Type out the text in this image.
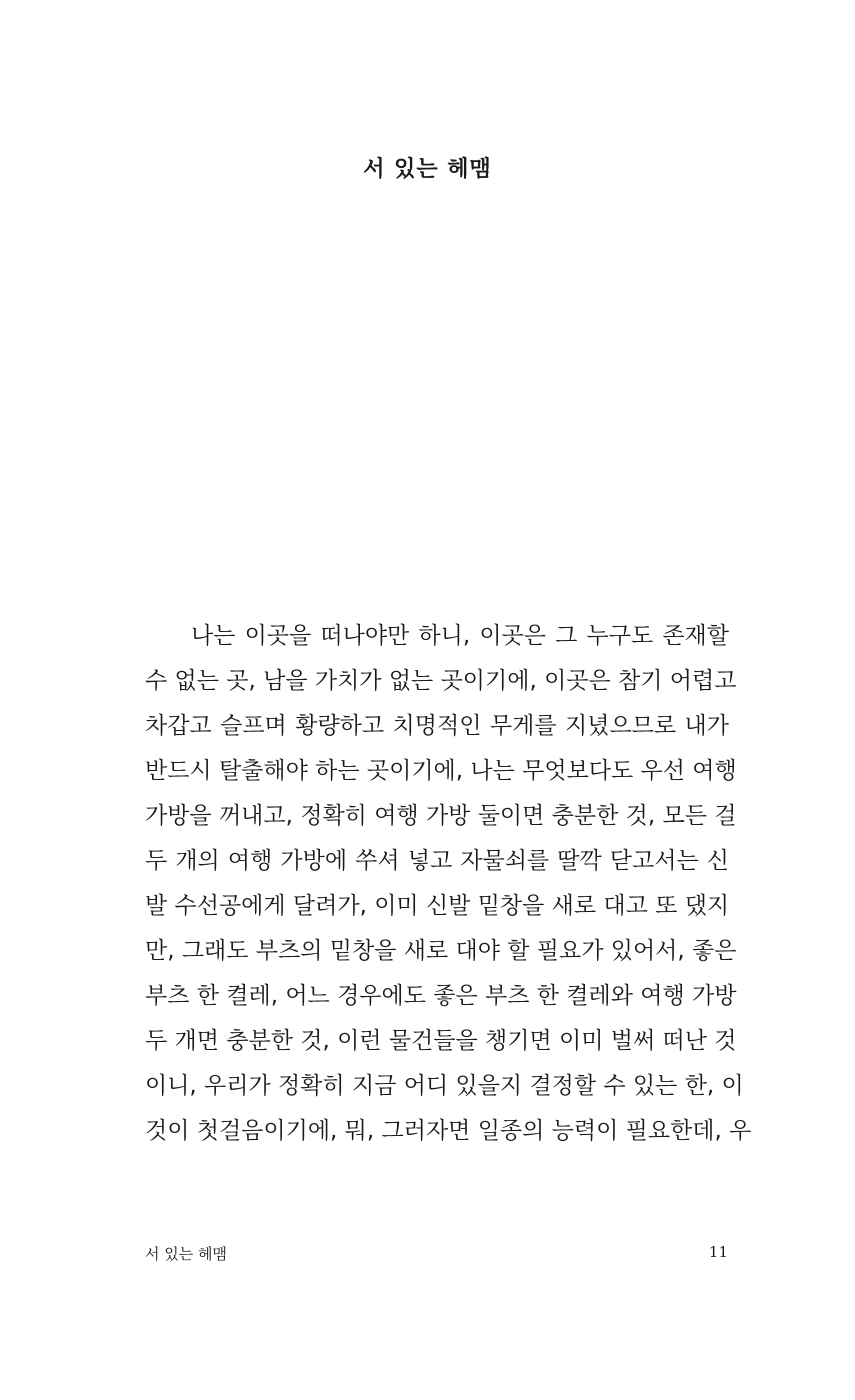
서 있는 헤맴
나는 이곳을 떠나야만 하니, 이곳은 그 누구도 존재할
수 없는 곳, 남을 가치가 없는 곳이기에, 이곳은 참기 어렵고
차갑고 슬프며 황량하고 치명적인 무게를 지녔으므로 내가
반드시 탈출해야 하는 곳이기에, 나는 무엇보다도 우선 여행
가방을 꺼내고, 정확히 여행 가방 둘이면 충분한 것, 모든 걸
두 개의 여행 가방에 쑤셔 넣고 자물쇠를 딸깍 닫고서는 신
발 수선공에게 달려가, 이미 신발 밑창을 새로 대고 또 댔지
만, 그래도 부츠의 밑창을 새로 대야 할 필요가 있어서, 좋은
부츠 한 켤레, 어느 경우에도 좋은 부츠 한 켤레와 여행 가방
두 개면 충분한 것, 이런 물건들을 챙기면 이미 벌써 떠난 것
이니, 우리가 정확히 지금 어디 있을지 결정할 수 있는 한, 이
것이 첫걸음이기에, 뭐, 그러자면 일종의 능력이 필요한데, 우
서 있는 헤맴	11
